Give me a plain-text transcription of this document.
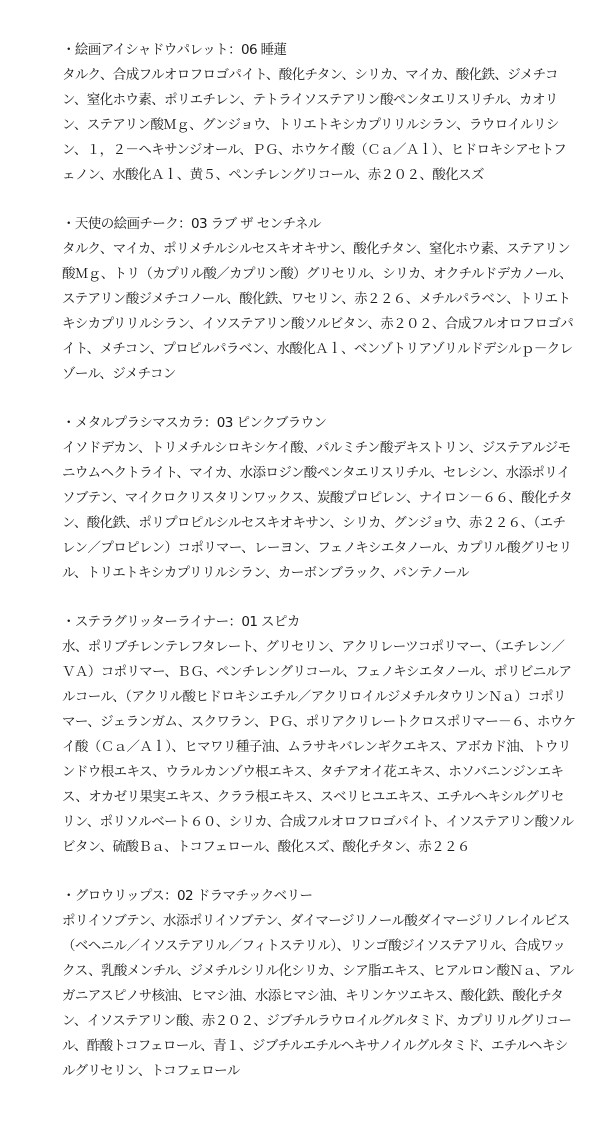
・絵画アイシャドウパレット：06 睡蓮

タルク、合成フルオロフロゴパイト、酸化チタン、シリカ、マイカ、酸化鉄、ジメチコン、窒化ホウ素、ポリエチレン、テトライソステアリン酸ペンタエリスリチル、カオリン、ステアリン酸Ｍｇ、グンジョウ、トリエトキシカプリリルシラン、ラウロイルリシン、１，２－ヘキサンジオール、ＰＧ、ホウケイ酸（Ｃａ／Ａｌ）、ヒドロキシアセトフェノン、水酸化Ａｌ、黄５、ペンチレングリコール、赤２０２、酸化スズ

・天使の絵画チーク：03 ラブ ザ センチネル

タルク、マイカ、ポリメチルシルセスキオキサン、酸化チタン、窒化ホウ素、ステアリン酸Ｍｇ、トリ（カプリル酸／カプリン酸）グリセリル、シリカ、オクチルドデカノール、ステアリン酸ジメチコノール、酸化鉄、ワセリン、赤２２６、メチルパラベン、トリエトキシカプリリルシラン、イソステアリン酸ソルビタン、赤２０２、合成フルオロフロゴパイト、メチコン、プロピルパラベン、水酸化Ａｌ、ベンゾトリアゾリルドデシルｐ－クレゾール、ジメチコン

・メタルプラシマスカラ：03 ピンクブラウン

イソドデカン、トリメチルシロキシケイ酸、パルミチン酸デキストリン、ジステアルジモニウムヘクトライト、マイカ、水添ロジン酸ペンタエリスリチル、セレシン、水添ポリイソブテン、マイクロクリスタリンワックス、炭酸プロピレン、ナイロン－６６、酸化チタン、酸化鉄、ポリプロピルシルセスキオキサン、シリカ、グンジョウ、赤２２６、（エチレン／プロピレン）コポリマー、レーヨン、フェノキシエタノール、カプリル酸グリセリル、トリエトキシカプリリルシラン、カーボンブラック、パンテノール

・ステラグリッターライナー：01 スピカ

水、ポリブチレンテレフタレート、グリセリン、アクリレーツコポリマー、（エチレン／ＶＡ）コポリマー、ＢＧ、ペンチレングリコール、フェノキシエタノール、ポリビニルアルコール、（アクリル酸ヒドロキシエチル／アクリロイルジメチルタウリンＮａ）コポリマー、ジェランガム、スクワラン、ＰＧ、ポリアクリレートクロスポリマー－６、ホウケイ酸（Ｃａ／Ａｌ）、ヒマワリ種子油、ムラサキバレンギクエキス、アボカド油、トウリンドウ根エキス、ウラルカンゾウ根エキス、タチアオイ花エキス、ホソバニンジンエキス、オカゼリ果実エキス、クララ根エキス、スベリヒユエキス、エチルヘキシルグリセリン、ポリソルベート６０、シリカ、合成フルオロフロゴパイト、イソステアリン酸ソルビタン、硫酸Ｂａ、トコフェロール、酸化スズ、酸化チタン、赤２２６

・グロウリップス：02 ドラマチックベリー

ポリイソブテン、水添ポリイソブテン、ダイマージリノール酸ダイマージリノレイルビス（ベヘニル／イソステアリル／フィトステリル）、リンゴ酸ジイソステアリル、合成ワックス、乳酸メンチル、ジメチルシリル化シリカ、シア脂エキス、ヒアルロン酸Ｎａ、アルガニアスピノサ核油、ヒマシ油、水添ヒマシ油、キリンケツエキス、酸化鉄、酸化チタン、イソステアリン酸、赤２０２、ジブチルラウロイルグルタミド、カプリリルグリコール、酢酸トコフェロール、青１、ジブチルエチルヘキサノイルグルタミド、エチルヘキシルグリセリン、トコフェロール
